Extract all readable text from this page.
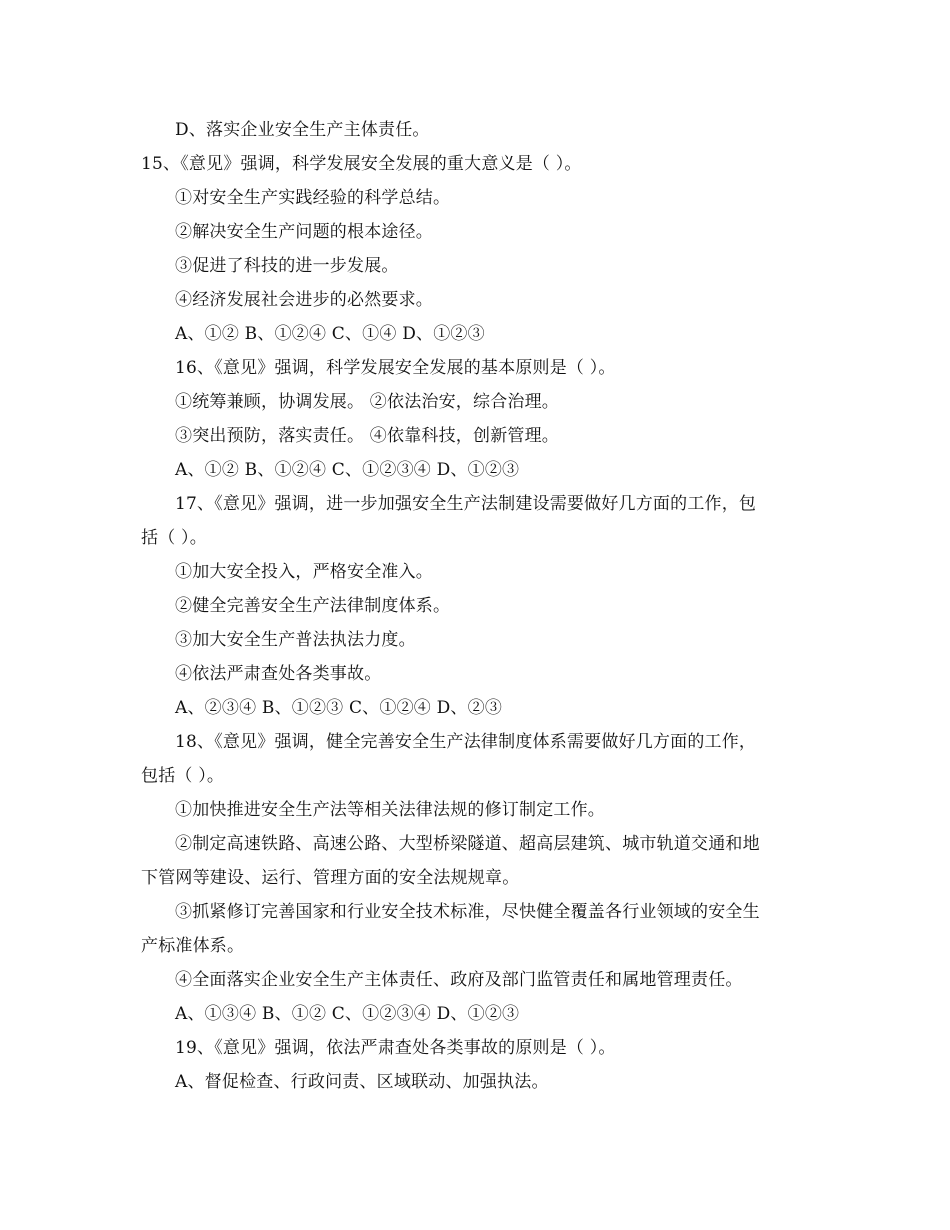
D、落实企业安全生产主体责任。
15、《意见》强调，科学发展安全发展的重大意义是（ ）。
①对安全生产实践经验的科学总结。
②解决安全生产问题的根本途径。
③促进了科技的进一步发展。
④经济发展社会进步的必然要求。
A、①② B、①②④ C、①④ D、①②③
16、《意见》强调，科学发展安全发展的基本原则是（ ）。
①统筹兼顾，协调发展。 ②依法治安，综合治理。
③突出预防，落实责任。 ④依靠科技，创新管理。
A、①② B、①②④ C、①②③④ D、①②③
17、《意见》强调，进一步加强安全生产法制建设需要做好几方面的工作，包
括（ ）。
①加大安全投入，严格安全准入。
②健全完善安全生产法律制度体系。
③加大安全生产普法执法力度。
④依法严肃查处各类事故。
A、②③④ B、①②③ C、①②④ D、②③
18、《意见》强调，健全完善安全生产法律制度体系需要做好几方面的工作，
包括（ ）。
①加快推进安全生产法等相关法律法规的修订制定工作。
②制定高速铁路、高速公路、大型桥梁隧道、超高层建筑、城市轨道交通和地
下管网等建设、运行、管理方面的安全法规规章。
③抓紧修订完善国家和行业安全技术标准，尽快健全覆盖各行业领域的安全生
产标准体系。
④全面落实企业安全生产主体责任、政府及部门监管责任和属地管理责任。
A、①③④ B、①② C、①②③④ D、①②③
19、《意见》强调，依法严肃查处各类事故的原则是（ ）。
A、督促检查、行政问责、区域联动、加强执法。
